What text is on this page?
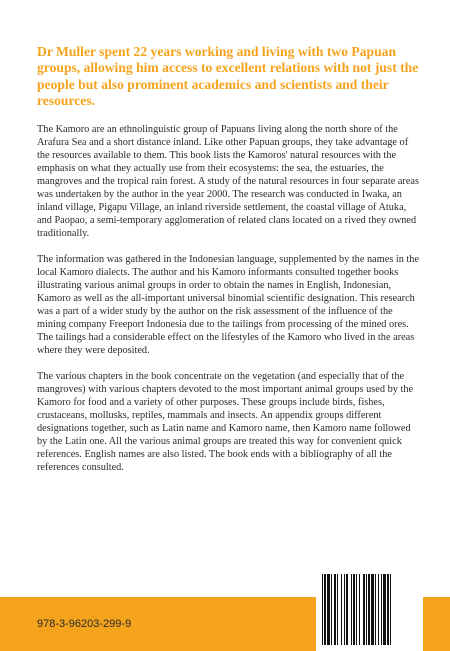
Dr Muller spent 22 years working and living with two Papuan groups, allowing him access to excellent relations with not just the people but also prominent academics and scientists and their resources.

The Kamoro are an ethnolinguistic group of Papuans living along the north shore of the Arafura Sea and a short distance inland. Like other Papuan groups, they take advantage of the resources available to them. This book lists the Kamoros' natural resources with the emphasis on what they actually use from their ecosystems: the sea, the estuaries, the mangroves and the tropical rain forest. A study of the natural resources in four separate areas was undertaken by the author in the year 2000. The research was conducted in Iwaka, an inland village, Pigapu Village, an inland riverside settlement, the coastal village of Atuka, and Paopao, a semi-temporary agglomeration of related clans located on a rived they owned traditionally.

The information was gathered in the Indonesian language, supplemented by the names in the local Kamoro dialects. The author and his Kamoro informants consulted together books illustrating various animal groups in order to obtain the names in English, Indonesian, Kamoro as well as the all-important universal binomial scientific designation. This research was a part of a wider study by the author on the risk assessment of the influence of the mining company Freeport Indonesia due to the tailings from processing of the mined ores. The tailings had a considerable effect on the lifestyles of the Kamoro who lived in the areas where they were deposited.

The various chapters in the book concentrate on the vegetation (and especially that of the mangroves) with various chapters devoted to the most important animal groups used by the Kamoro for food and a variety of other purposes. These groups include birds, fishes, crustaceans, mollusks, reptiles, mammals and insects. An appendix groups different designations together, such as Latin name and Kamoro name, then Kamoro name followed by the Latin one. All the various animal groups are treated this way for convenient quick references. English names are also listed. The book ends with a bibliography of all the references consulted.

978-3-96203-299-9
